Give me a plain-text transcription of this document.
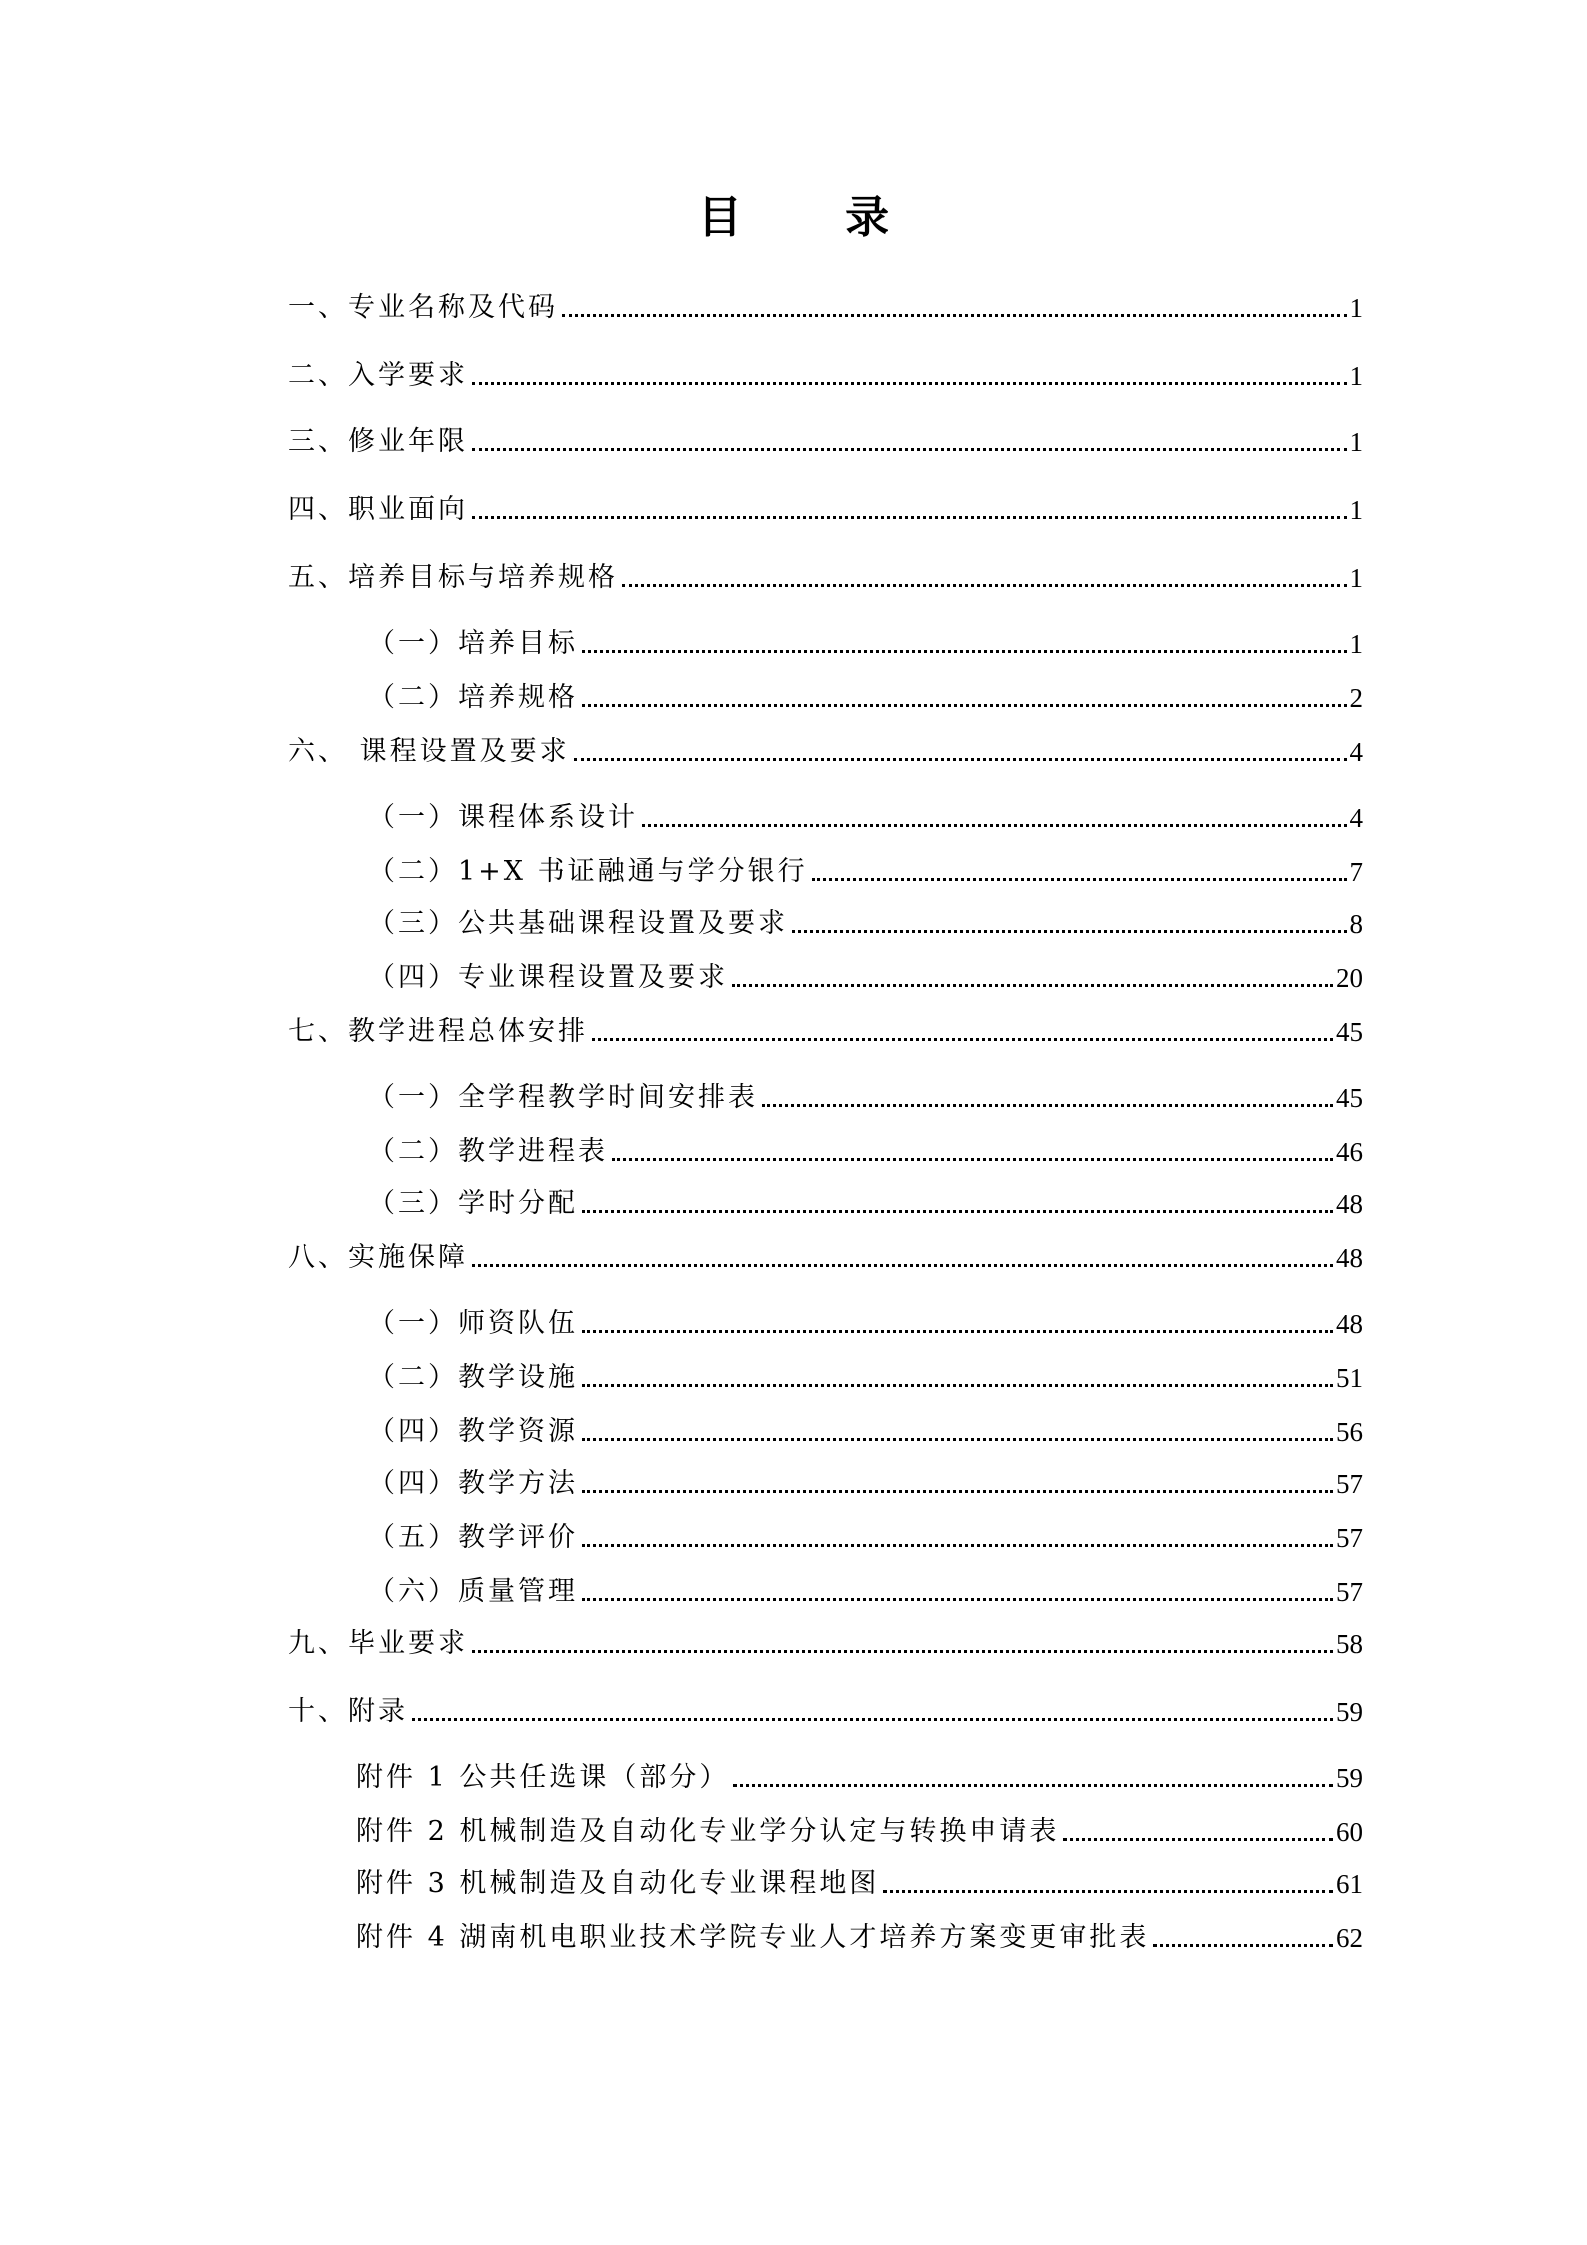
目 录
一、专业名称及代码	1
二、入学要求	1
三、修业年限	1
四、职业面向	1
五、培养目标与培养规格	1
（一）培养目标	1
（二）培养规格	2
六、 课程设置及要求	4
（一）课程体系设计	4
（二）1+X 书证融通与学分银行	7
（三）公共基础课程设置及要求	8
（四）专业课程设置及要求	20
七、教学进程总体安排	45
（一）全学程教学时间安排表	45
（二）教学进程表	46
（三）学时分配	48
八、实施保障	48
（一）师资队伍	48
（二）教学设施	51
（四）教学资源	56
（四）教学方法	57
（五）教学评价	57
（六）质量管理	57
九、毕业要求	58
十、附录	59
附件 1 公共任选课（部分）	59
附件 2 机械制造及自动化专业学分认定与转换申请表	60
附件 3 机械制造及自动化专业课程地图	61
附件 4 湖南机电职业技术学院专业人才培养方案变更审批表	62
